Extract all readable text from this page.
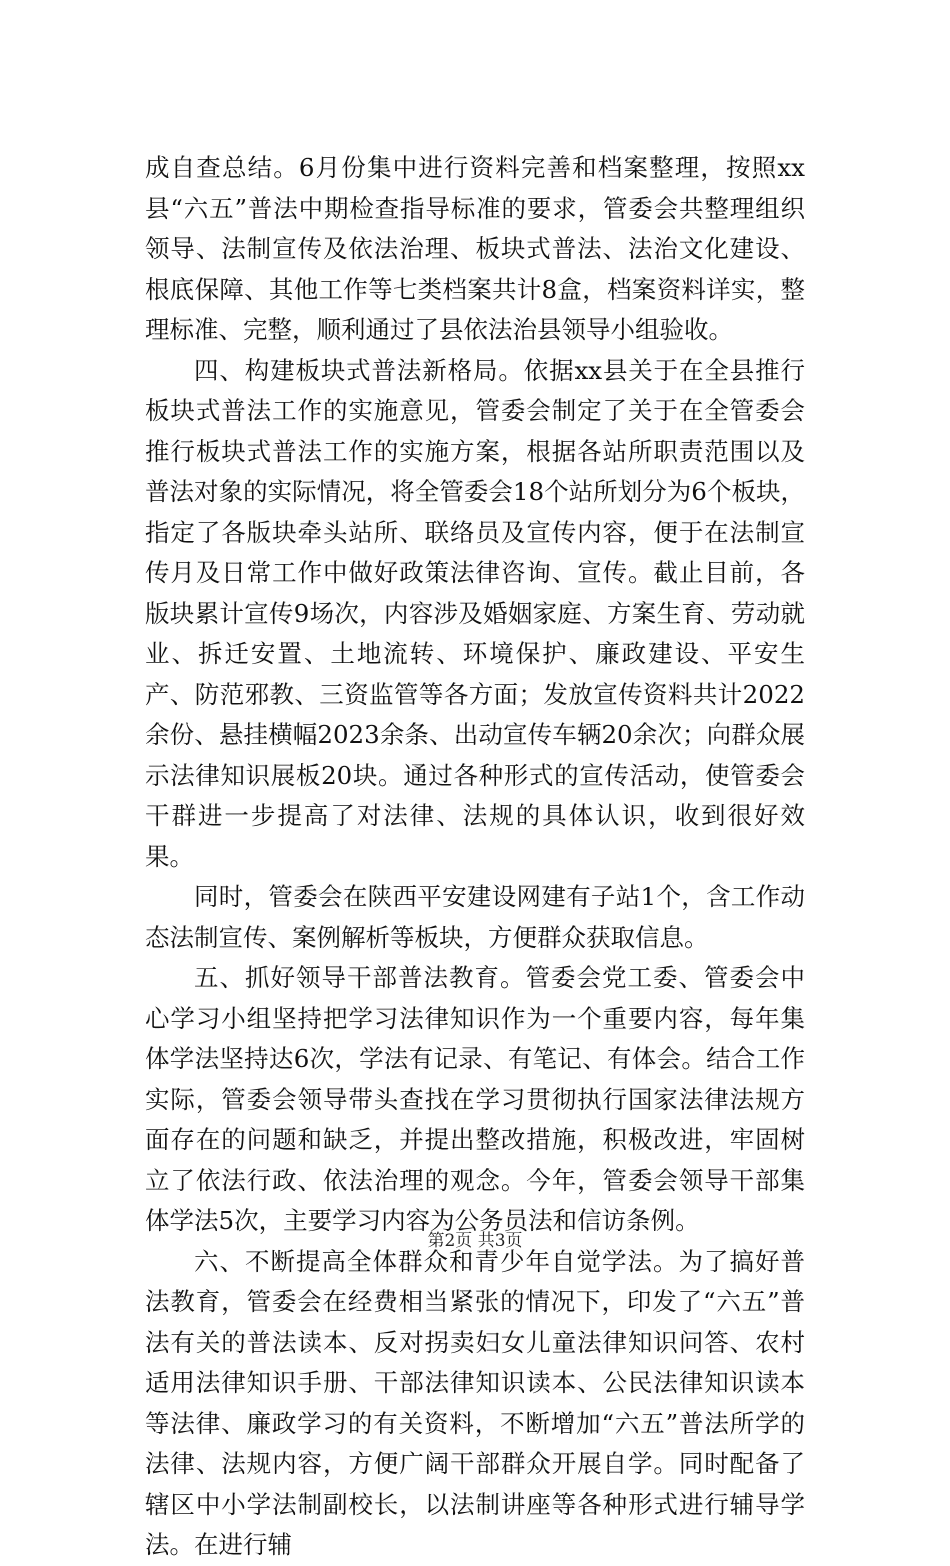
成自查总结。6月份集中进行资料完善和档案整理，按照xx县“六五”普法中期检查指导标准的要求，管委会共整理组织领导、法制宣传及依法治理、板块式普法、法治文化建设、根底保障、其他工作等七类档案共计8盒，档案资料详实，整理标准、完整，顺利通过了县依法治县领导小组验收。

四、构建板块式普法新格局。依据xx县关于在全县推行板块式普法工作的实施意见，管委会制定了关于在全管委会推行板块式普法工作的实施方案，根据各站所职责范围以及普法对象的实际情况，将全管委会18个站所划分为6个板块，指定了各版块牵头站所、联络员及宣传内容，便于在法制宣传月及日常工作中做好政策法律咨询、宣传。截止目前，各版块累计宣传9场次，内容涉及婚姻家庭、方案生育、劳动就业、拆迁安置、土地流转、环境保护、廉政建设、平安生产、防范邪教、三资监管等各方面；发放宣传资料共计2022余份、悬挂横幅2023余条、出动宣传车辆20余次；向群众展示法律知识展板20块。通过各种形式的宣传活动，使管委会干群进一步提高了对法律、法规的具体认识，收到很好效果。

同时，管委会在陕西平安建设网建有子站1个，含工作动态法制宣传、案例解析等板块，方便群众获取信息。

五、抓好领导干部普法教育。管委会党工委、管委会中心学习小组坚持把学习法律知识作为一个重要内容，每年集体学法坚持达6次，学法有记录、有笔记、有体会。结合工作实际，管委会领导带头查找在学习贯彻执行国家法律法规方面存在的问题和缺乏，并提出整改措施，积极改进，牢固树立了依法行政、依法治理的观念。今年，管委会领导干部集体学法5次，主要学习内容为公务员法和信访条例。

六、不断提高全体群众和青少年自觉学法。为了搞好普法教育，管委会在经费相当紧张的情况下，印发了“六五”普法有关的普法读本、反对拐卖妇女儿童法律知识问答、农村适用法律知识手册、干部法律知识读本、公民法律知识读本等法律、廉政学习的有关资料，不断增加“六五”普法所学的法律、法规内容，方便广阔干部群众开展自学。同时配备了辖区中小学法制副校长，以法制讲座等各种形式进行辅导学法。在进行辅

第2页 共3页
